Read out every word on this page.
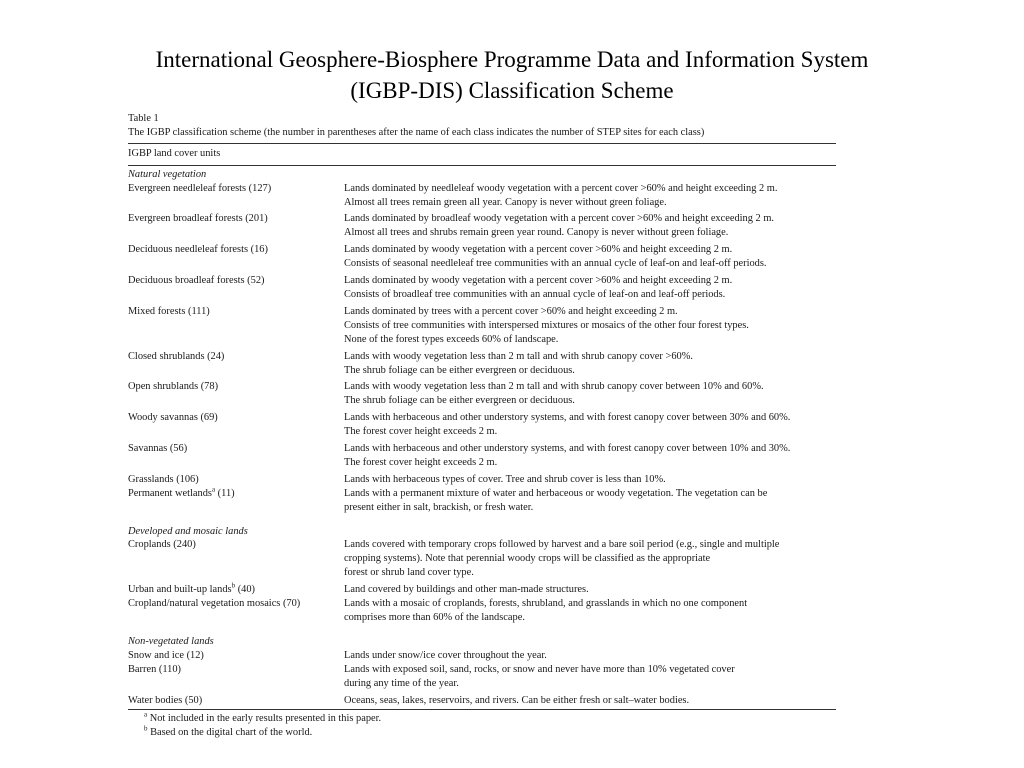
International Geosphere-Biosphere Programme Data and Information System
(IGBP-DIS) Classification Scheme
Table 1
The IGBP classification scheme (the number in parentheses after the name of each class indicates the number of STEP sites for each class)
IGBP land cover units
Natural vegetation
Evergreen needleleaf forests (127)	Lands dominated by needleleaf woody vegetation with a percent cover >60% and height exceeding 2 m.
Almost all trees remain green all year. Canopy is never without green foliage.
Evergreen broadleaf forests (201)	Lands dominated by broadleaf woody vegetation with a percent cover >60% and height exceeding 2 m.
Almost all trees and shrubs remain green year round. Canopy is never without green foliage.
Deciduous needleleaf forests (16)	Lands dominated by woody vegetation with a percent cover >60% and height exceeding 2 m.
Consists of seasonal needleleaf tree communities with an annual cycle of leaf-on and leaf-off periods.
Deciduous broadleaf forests (52)	Lands dominated by woody vegetation with a percent cover >60% and height exceeding 2 m.
Consists of broadleaf tree communities with an annual cycle of leaf-on and leaf-off periods.
Mixed forests (111)	Lands dominated by trees with a percent cover >60% and height exceeding 2 m.
Consists of tree communities with interspersed mixtures or mosaics of the other four forest types.
None of the forest types exceeds 60% of landscape.
Closed shrublands (24)	Lands with woody vegetation less than 2 m tall and with shrub canopy cover >60%.
The shrub foliage can be either evergreen or deciduous.
Open shrublands (78)	Lands with woody vegetation less than 2 m tall and with shrub canopy cover between 10% and 60%.
The shrub foliage can be either evergreen or deciduous.
Woody savannas (69)	Lands with herbaceous and other understory systems, and with forest canopy cover between 30% and 60%.
The forest cover height exceeds 2 m.
Savannas (56)	Lands with herbaceous and other understory systems, and with forest canopy cover between 10% and 30%.
The forest cover height exceeds 2 m.
Grasslands (106)	Lands with herbaceous types of cover. Tree and shrub cover is less than 10%.
Permanent wetlands$^a$ (11)	Lands with a permanent mixture of water and herbaceous or woody vegetation. The vegetation can be
present either in salt, brackish, or fresh water.
Developed and mosaic lands
Croplands (240)	Lands covered with temporary crops followed by harvest and a bare soil period (e.g., single and multiple
cropping systems). Note that perennial woody crops will be classified as the appropriate
forest or shrub land cover type.
Urban and built-up lands$^b$ (40)	Land covered by buildings and other man-made structures.
Cropland/natural vegetation mosaics (70)	Lands with a mosaic of croplands, forests, shrubland, and grasslands in which no one component
comprises more than 60% of the landscape.
Non-vegetated lands
Snow and ice (12)	Lands under snow/ice cover throughout the year.
Barren (110)	Lands with exposed soil, sand, rocks, or snow and never have more than 10% vegetated cover
during any time of the year.
Water bodies (50)	Oceans, seas, lakes, reservoirs, and rivers. Can be either fresh or salt–water bodies.
$^a$ Not included in the early results presented in this paper.
$^b$ Based on the digital chart of the world.
